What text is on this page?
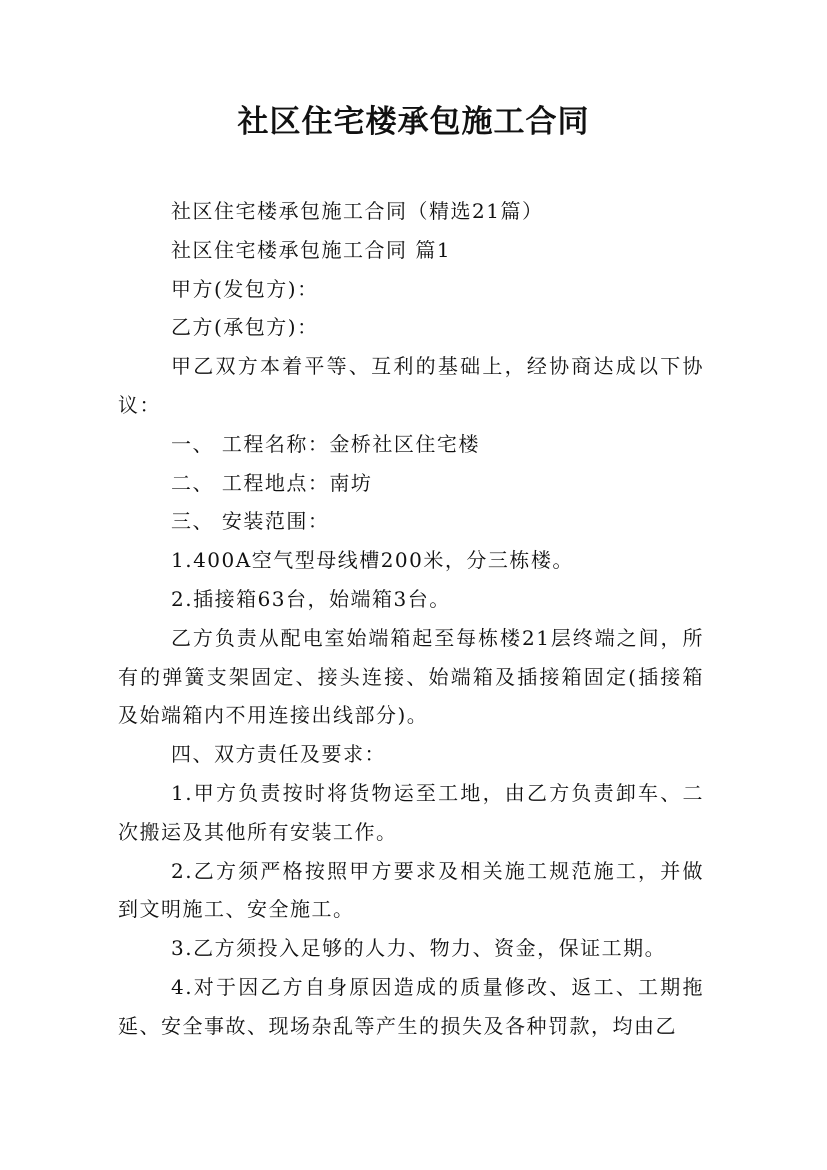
社区住宅楼承包施工合同

社区住宅楼承包施工合同（精选21篇）

社区住宅楼承包施工合同 篇1

甲方(发包方)：

乙方(承包方)：

甲乙双方本着平等、互利的基础上，经协商达成以下协议：

一、 工程名称：金桥社区住宅楼

二、 工程地点：南坊

三、 安装范围：

1.400A空气型母线槽200米，分三栋楼。

2.插接箱63台，始端箱3台。

乙方负责从配电室始端箱起至每栋楼21层终端之间，所有的弹簧支架固定、接头连接、始端箱及插接箱固定(插接箱及始端箱内不用连接出线部分)。

四、双方责任及要求：

1.甲方负责按时将货物运至工地，由乙方负责卸车、二次搬运及其他所有安装工作。

2.乙方须严格按照甲方要求及相关施工规范施工，并做到文明施工、安全施工。

3.乙方须投入足够的人力、物力、资金，保证工期。

4.对于因乙方自身原因造成的质量修改、返工、工期拖延、安全事故、现场杂乱等产生的损失及各种罚款，均由乙
